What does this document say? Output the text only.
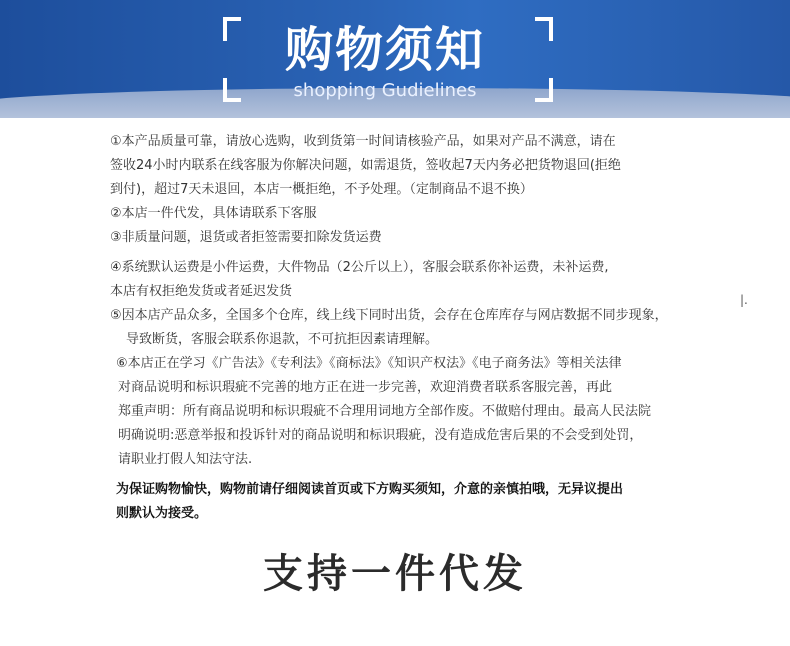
购物须知
shopping Gudielines
①本产品质量可靠，请放心选购，收到货第一时间请核验产品，如果对产品不满意，请在
签收24小时内联系在线客服为你解决问题，如需退货，签收起7天内务必把货物退回(拒绝
到付)，超过7天未退回，本店一概拒绝，不予处理。（定制商品不退不换）
②本店一件代发，具体请联系下客服
③非质量问题，退货或者拒签需要扣除发货运费
④系统默认运费是小件运费，大件物品（2公斤以上），客服会联系你补运费，未补运费,
本店有权拒绝发货或者延迟发货
⑤因本店产品众多，全国多个仓库，线上线下同时出货，会存在仓库库存与网店数据不同步现象，
导致断货，客服会联系你退款，不可抗拒因素请理解。
⑥本店正在学习《广告法》《专利法》《商标法》《知识产权法》《电子商务法》等相关法律
对商品说明和标识瑕疵不完善的地方正在进一步完善，欢迎消费者联系客服完善，再此
郑重声明：所有商品说明和标识瑕疵不合理用词地方全部作废。不做赔付理由。最高人民法院
明确说明:恶意举报和投诉针对的商品说明和标识瑕疵，没有造成危害后果的不会受到处罚，
请职业打假人知法守法.
为保证购物愉快，购物前请仔细阅读首页或下方购买须知，介意的亲慎拍哦，无异议提出
则默认为接受。
|.
支持一件代发
